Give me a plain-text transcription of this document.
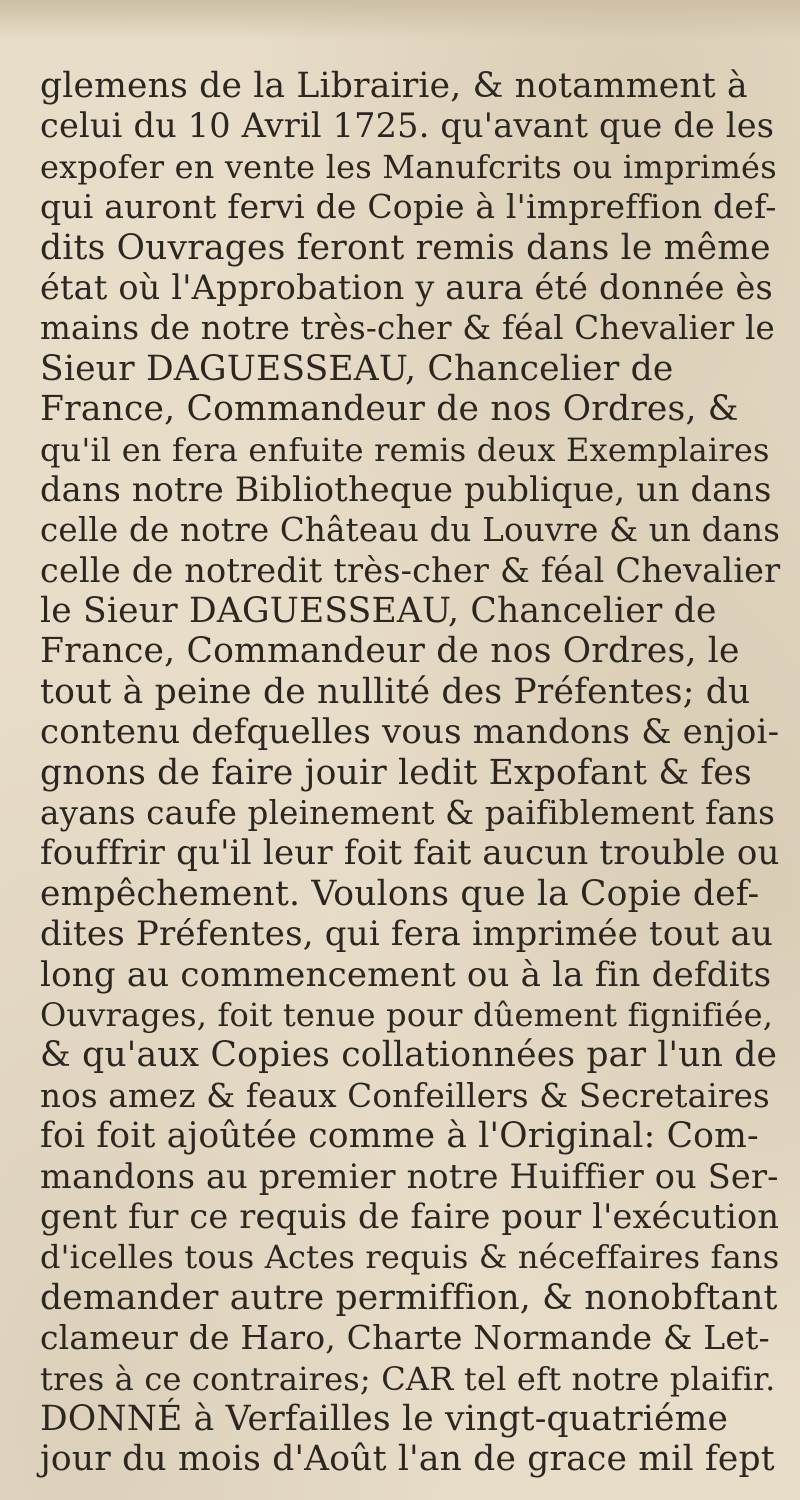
glemens de la Librairie, & notamment à
celui du 10 Avril 1725. qu'avant que de les
expofer en vente les Manufcrits ou imprimés
qui auront fervi de Copie à l'impreffion def-
dits Ouvrages feront remis dans le même
état où l'Approbation y aura été donnée ès
mains de notre très-cher & féal Chevalier le
Sieur DAGUESSEAU, Chancelier de
France, Commandeur de nos Ordres, &
qu'il en fera enfuite remis deux Exemplaires
dans notre Bibliotheque publique, un dans
celle de notre Château du Louvre & un dans
celle de notredit très-cher & féal Chevalier
le Sieur DAGUESSEAU, Chancelier de
France, Commandeur de nos Ordres, le
tout à peine de nullité des Préfentes; du
contenu defquelles vous mandons & enjoi-
gnons de faire jouir ledit Expofant & fes
ayans caufe pleinement & paifiblement fans
fouffrir qu'il leur foit fait aucun trouble ou
empêchement. Voulons que la Copie def-
dites Préfentes, qui fera imprimée tout au
long au commencement ou à la fin defdits
Ouvrages, foit tenue pour dûement fignifiée,
& qu'aux Copies collationnées par l'un de
nos amez & feaux Confeillers & Secretaires
foi foit ajoûtée comme à l'Original: Com-
mandons au premier notre Huiffier ou Ser-
gent fur ce requis de faire pour l'exécution
d'icelles tous Actes requis & néceffaires fans
demander autre permiffion, & nonobftant
clameur de Haro, Charte Normande & Let-
tres à ce contraires; CAR tel eft notre plaifir.
DONNÉ à Verfailles le vingt-quatriéme
jour du mois d'Août l'an de grace mil fept
